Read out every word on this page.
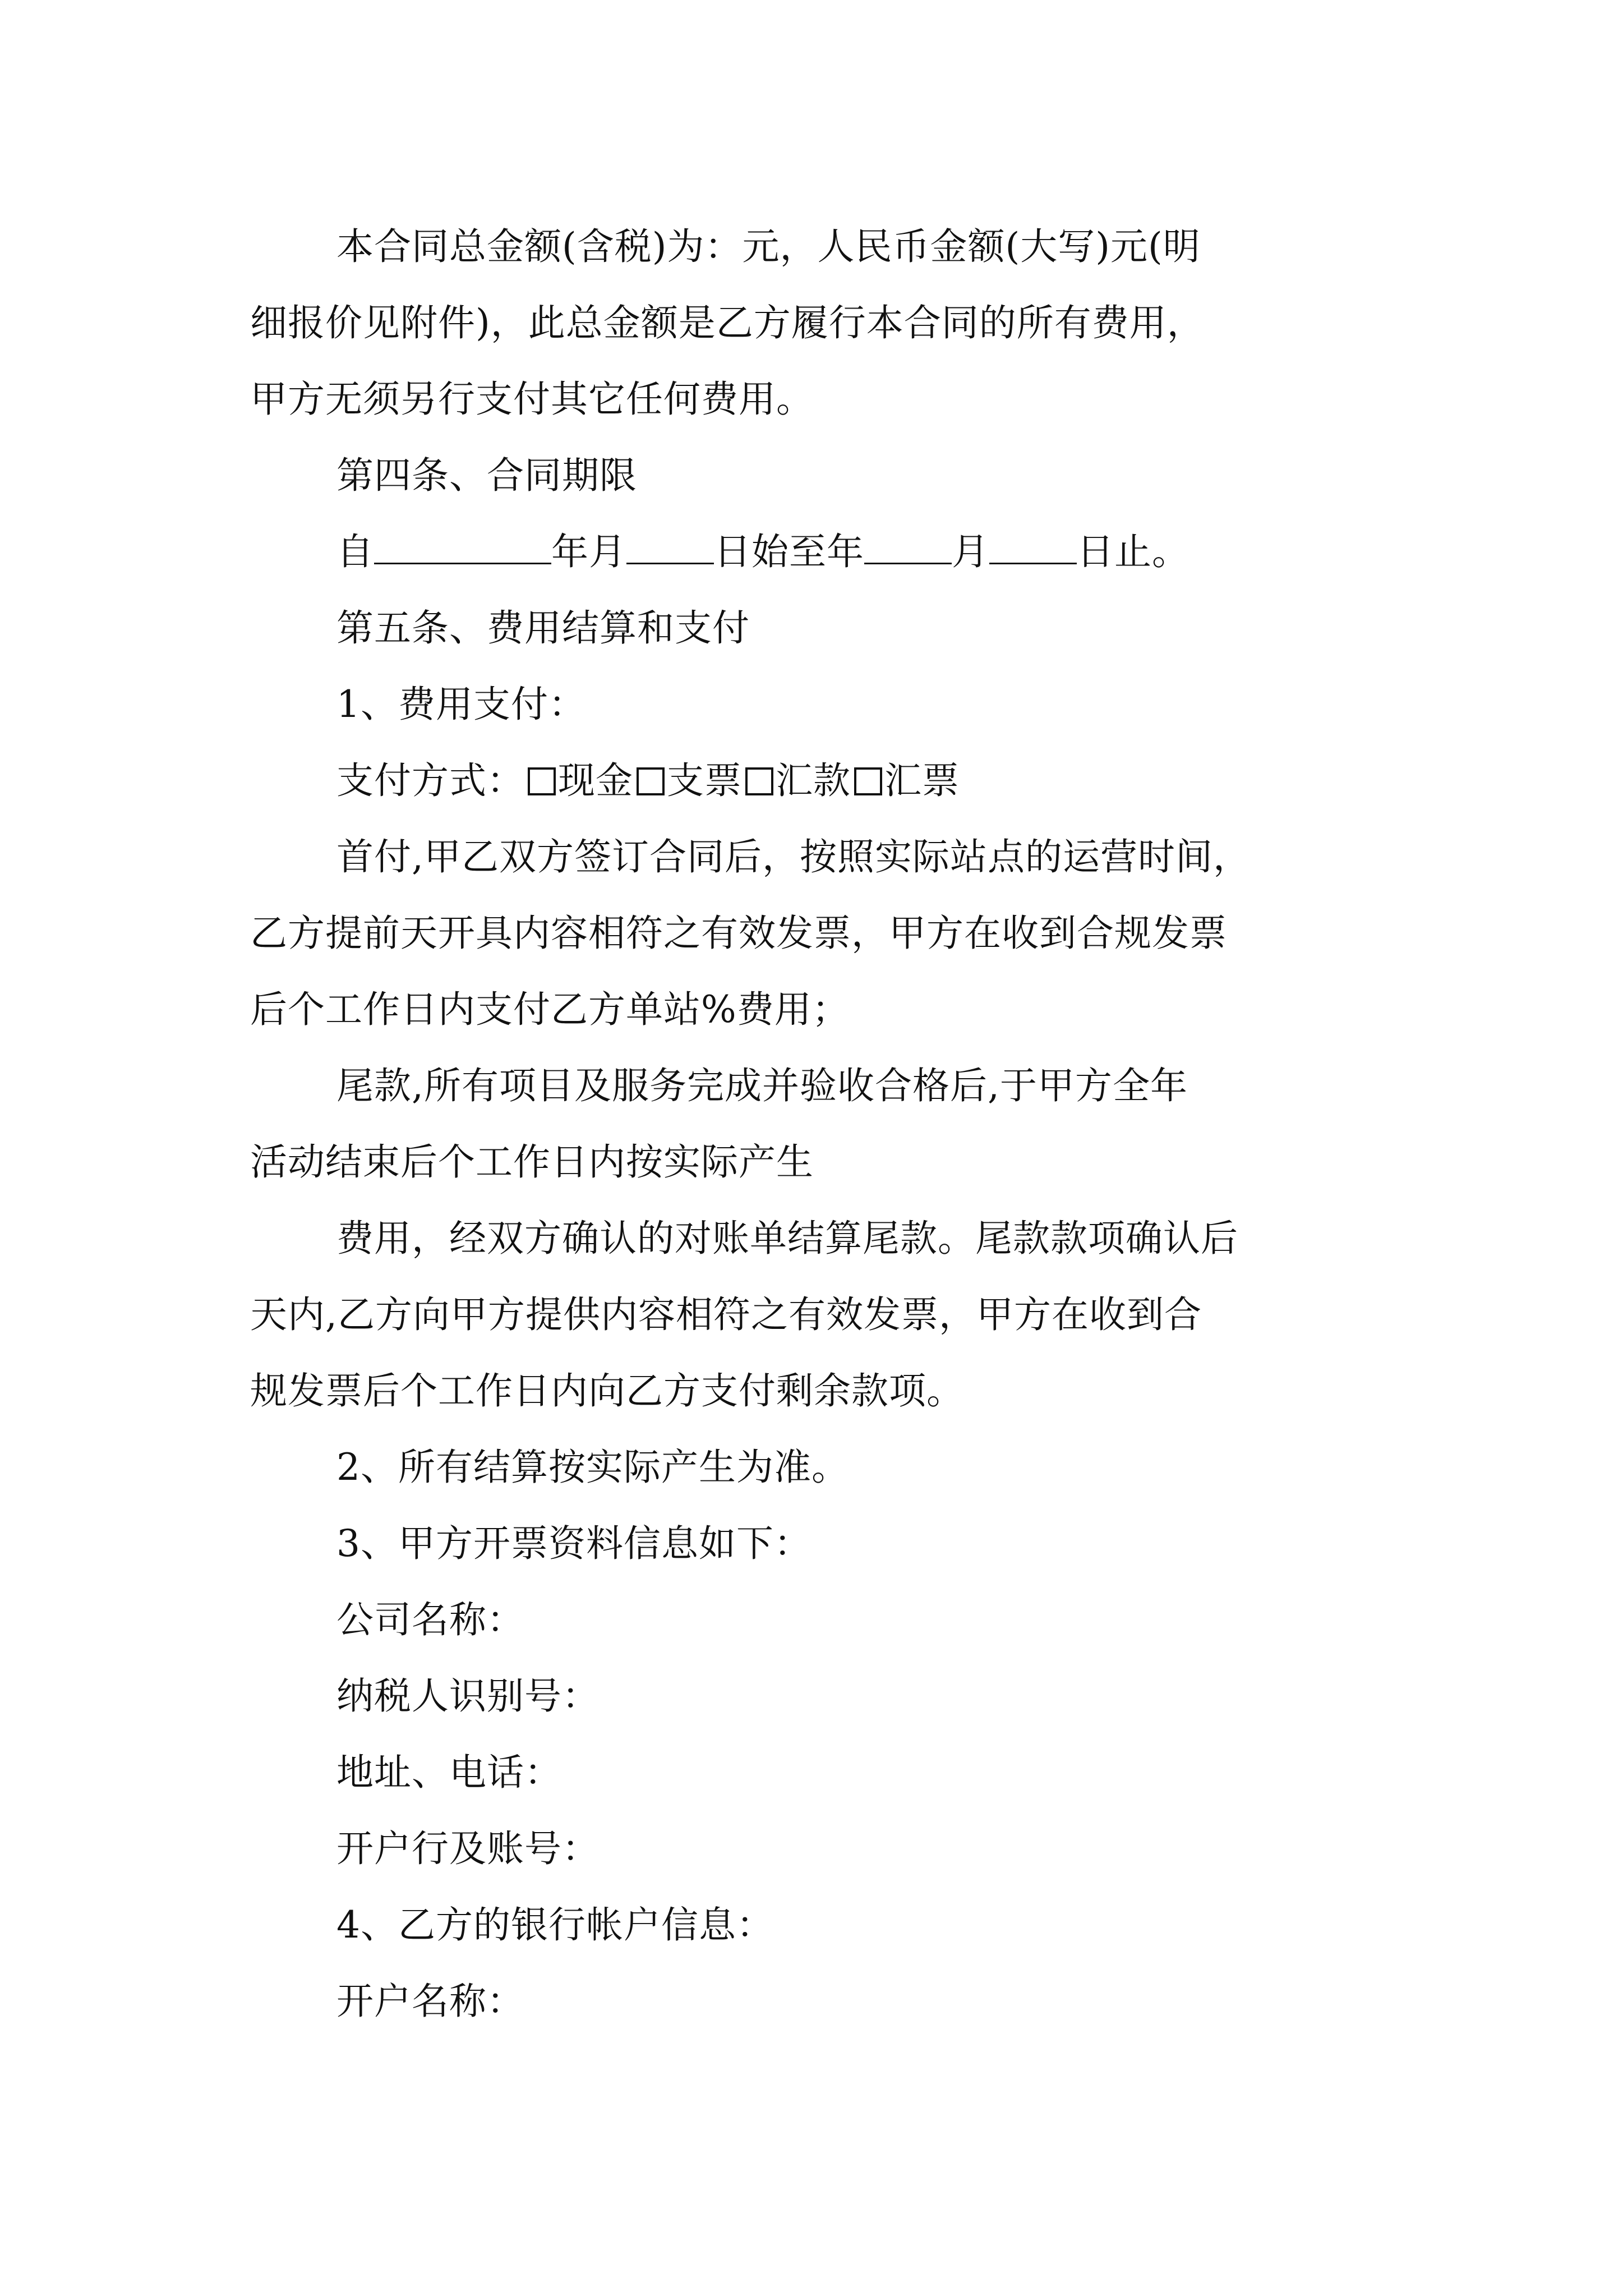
本合同总金额(含税)为：元，人民币金额(大写)元(明
细报价见附件)，此总金额是乙方履行本合同的所有费用，
甲方无须另行支付其它任何费用。
第四条、合同期限
自	年月 日始至年 月 日止。
第五条、费用结算和支付
1、费用支付：
支付方式： 现金 支票 汇款 汇票
首付,甲乙双方签订合同后，按照实际站点的运营时间，
乙方提前天开具内容相符之有效发票，甲方在收到合规发票
后个工作日内支付乙方单站%费用；
尾款,所有项目及服务完成并验收合格后,于甲方全年
活动结束后个工作日内按实际产生
费用，经双方确认的对账单结算尾款。尾款款项确认后
天内,乙方向甲方提供内容相符之有效发票，甲方在收到合
规发票后个工作日内向乙方支付剩余款项。
2、所有结算按实际产生为准。
3、甲方开票资料信息如下：
公司名称：
纳税人识别号：
地址、电话：
开户行及账号：
4、乙方的银行帐户信息：
开户名称：
